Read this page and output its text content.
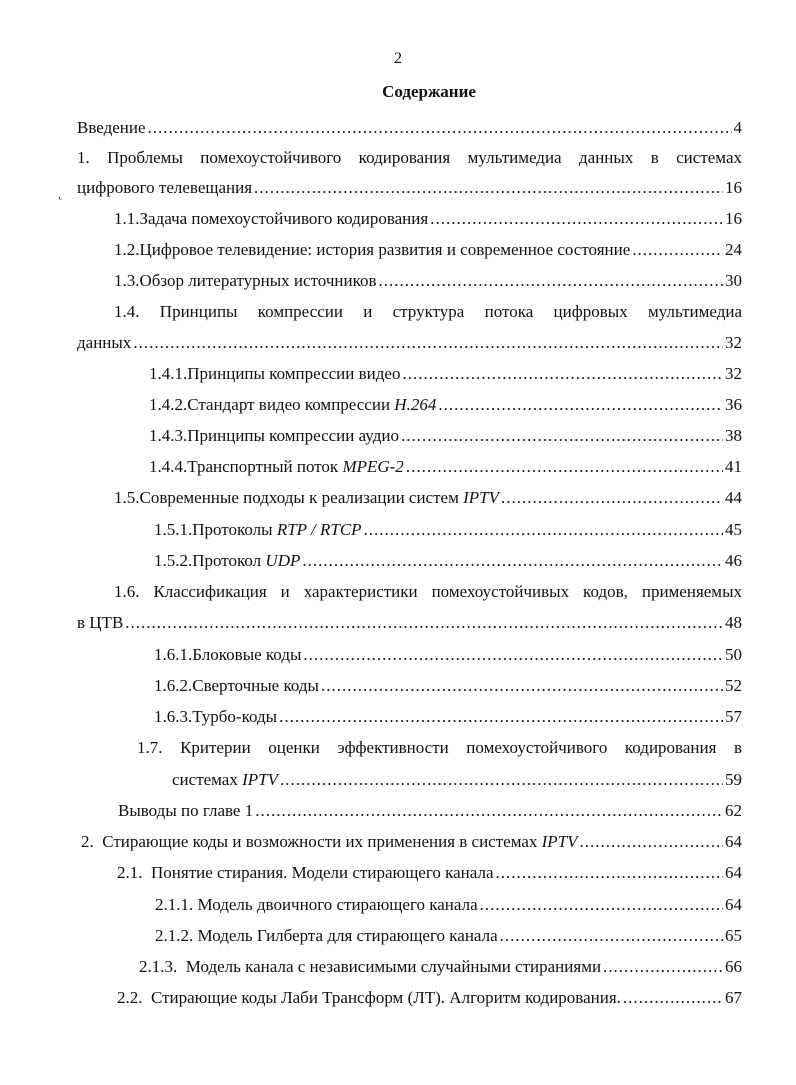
2
Содержание
˛
Введение .....	4
1. Проблемы помехоустойчивого кодирования мультимедиа данных в системах
цифрового телевещания .....	16
1.1. Задача помехоустойчивого кодирования .....	16
1.2. Цифровое телевидение: история развития и современное состояние .....	24
1.3. Обзор литературных источников .....	30
1.4. Принципы компрессии и структура потока цифровых мультимедиа
данных .....	32
1.4.1. Принципы компрессии видео .....	32
1.4.2. Стандарт видео компрессии H.264 .....	36
1.4.3. Принципы компрессии аудио .....	38
1.4.4. Транспортный поток MPEG-2 .....	41
1.5. Современные подходы к реализации систем IPTV .....	44
1.5.1. Протоколы RTP / RTCP .....	45
1.5.2. Протокол UDP .....	46
1.6. Классификация и характеристики помехоустойчивых кодов, применяемых
в ЦТВ .....	48
1.6.1. Блоковые коды .....	50
1.6.2. Сверточные коды .....	52
1.6.3. Турбо-коды .....	57
1.7. Критерии оценки эффективности помехоустойчивого кодирования в
системах IPTV .....	59
Выводы по главе 1 .....	62
2.  Стирающие коды и возможности их применения в системах IPTV .....	64
2.1.  Понятие стирания. Модели стирающего канала .....	64
2.1.1. Модель двоичного стирающего канала .....	64
2.1.2. Модель Гилберта для стирающего канала .....	65
2.1.3.  Модель канала с независимыми случайными стираниями .....	66
2.2.  Стирающие коды Лаби Трансформ (ЛТ). Алгоритм кодирования. .....	67
